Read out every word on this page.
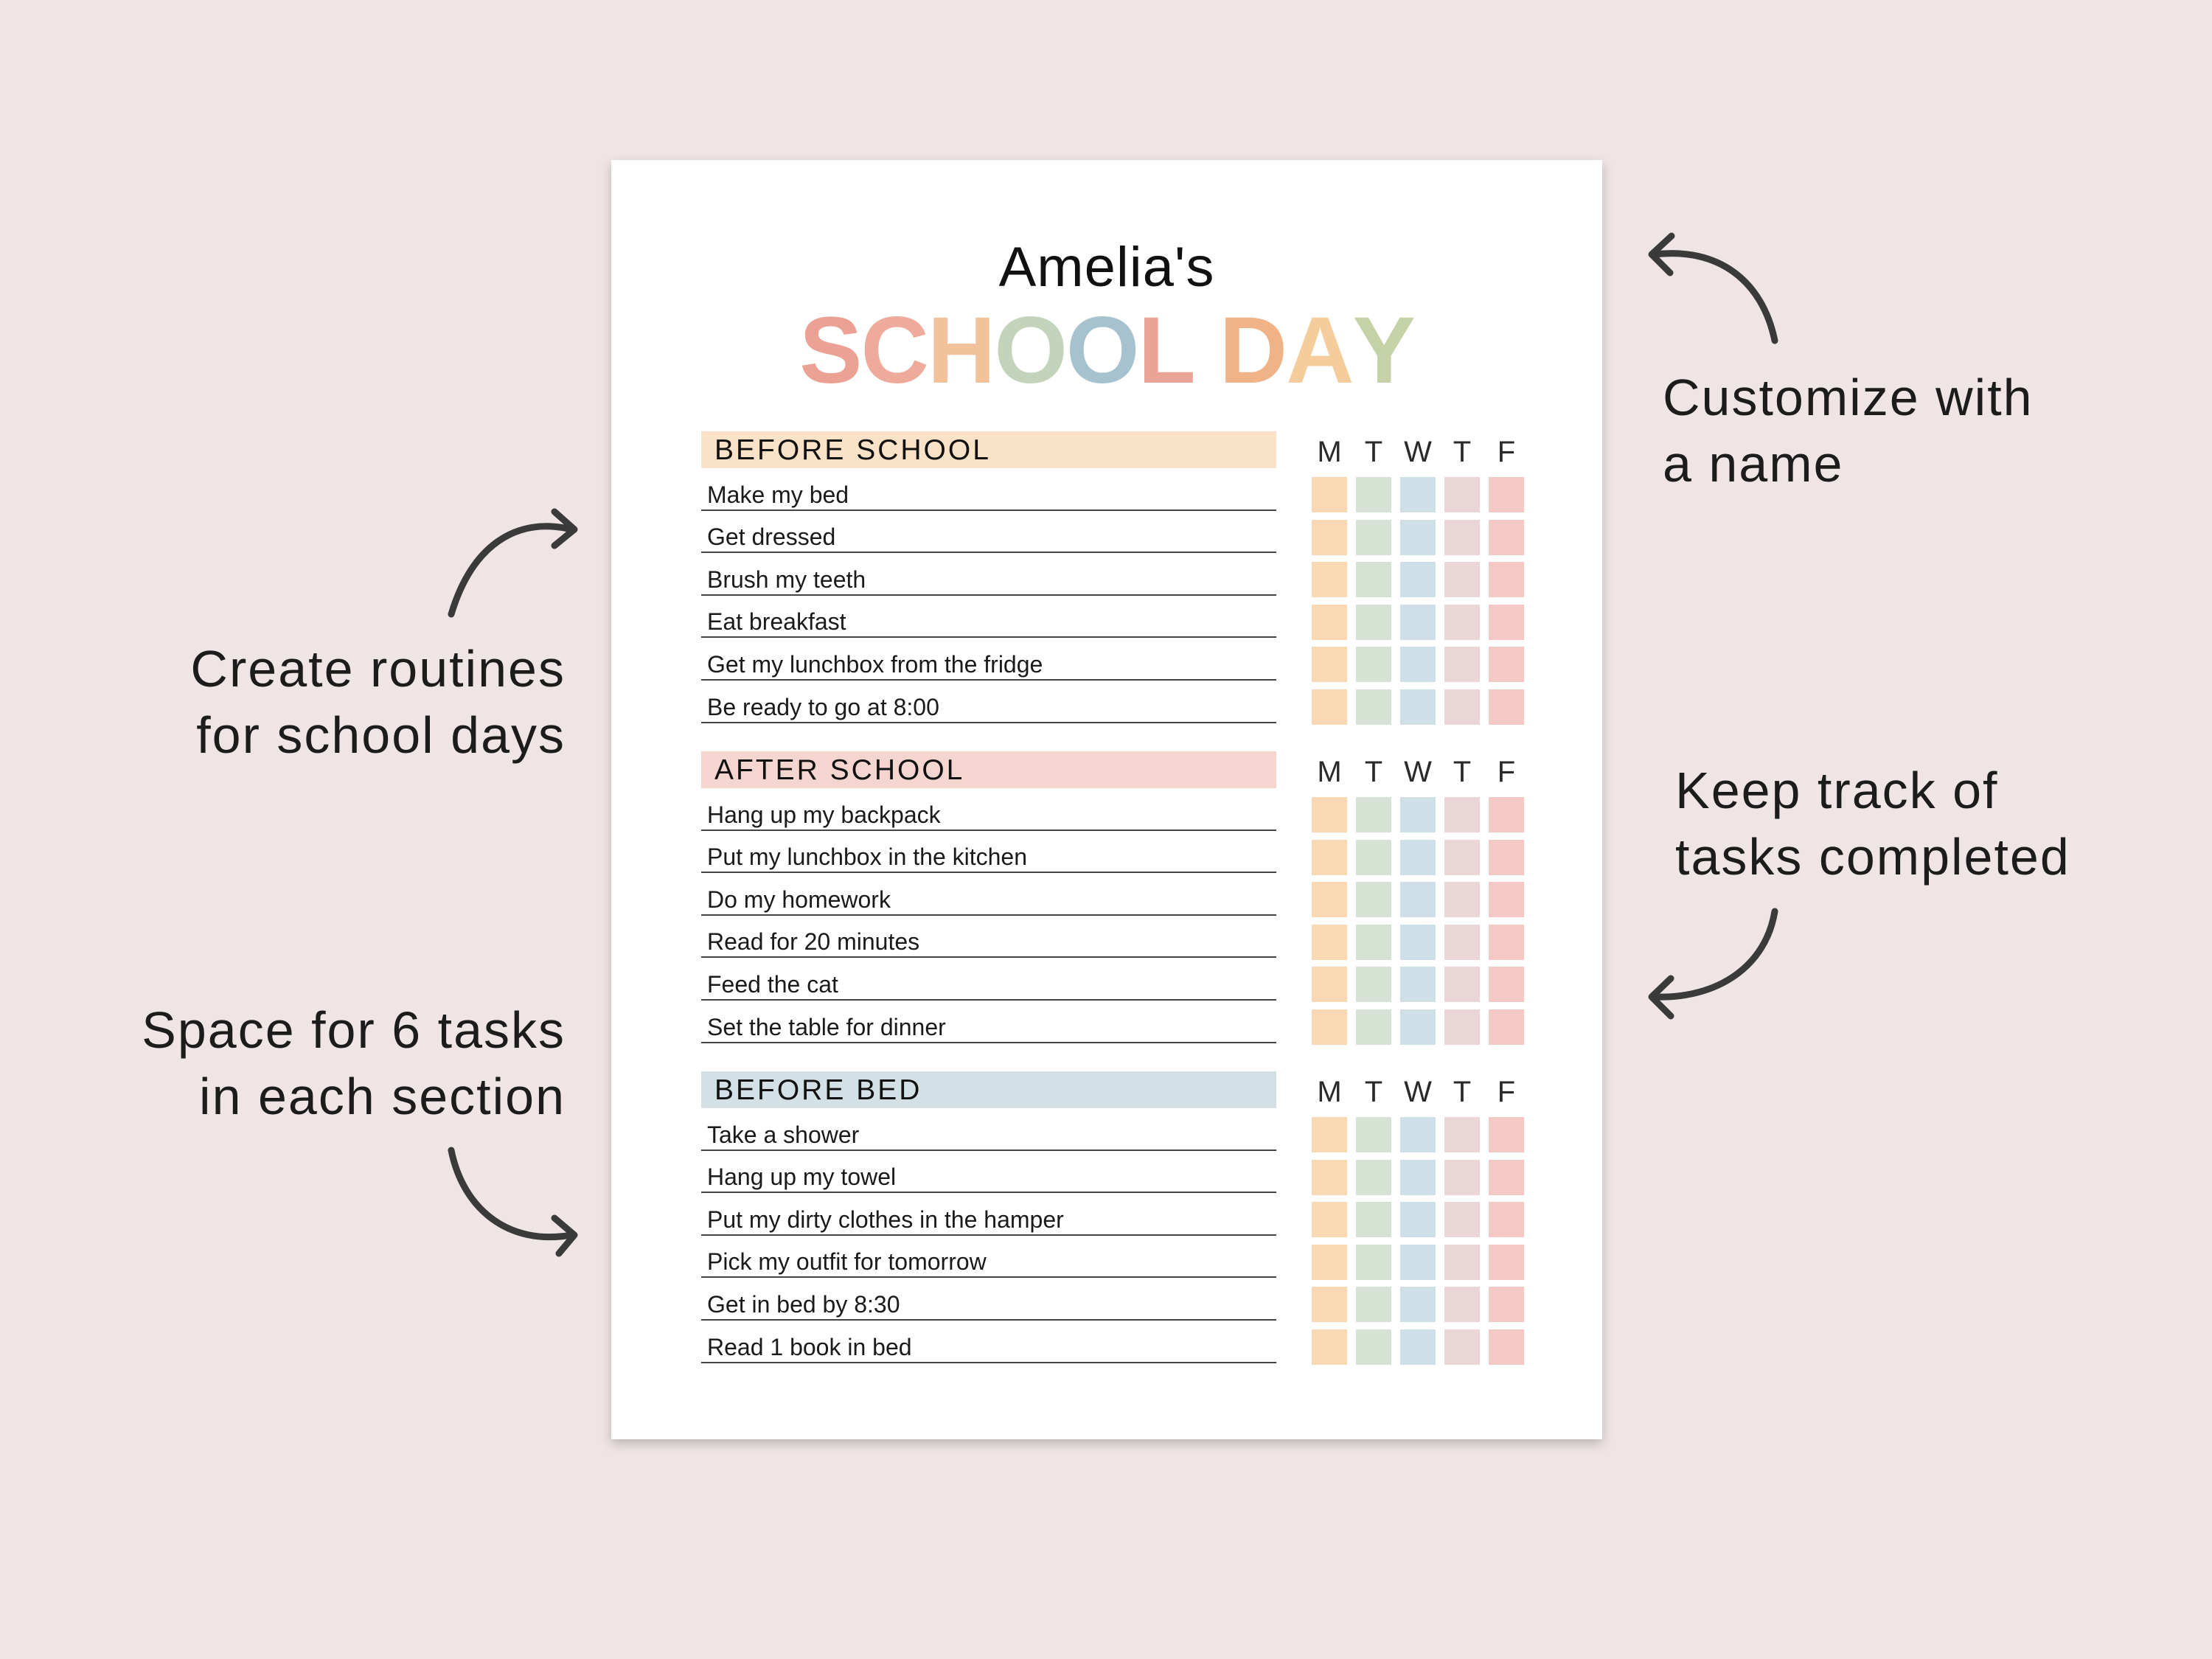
Create routines
for school days
Space for 6 tasks
in each section
Customize with
a name
Keep track of
tasks completed
Amelia's
SCHOOL DAY
BEFORE SCHOOL	M T W T F
Make my bed
Get dressed
Brush my teeth
Eat breakfast
Get my lunchbox from the fridge
Be ready to go at 8:00
AFTER SCHOOL	M T W T F
Hang up my backpack
Put my lunchbox in the kitchen
Do my homework
Read for 20 minutes
Feed the cat
Set the table for dinner
BEFORE BED	M T W T F
Take a shower
Hang up my towel
Put my dirty clothes in the hamper
Pick my outfit for tomorrow
Get in bed by 8:30
Read 1 book in bed
